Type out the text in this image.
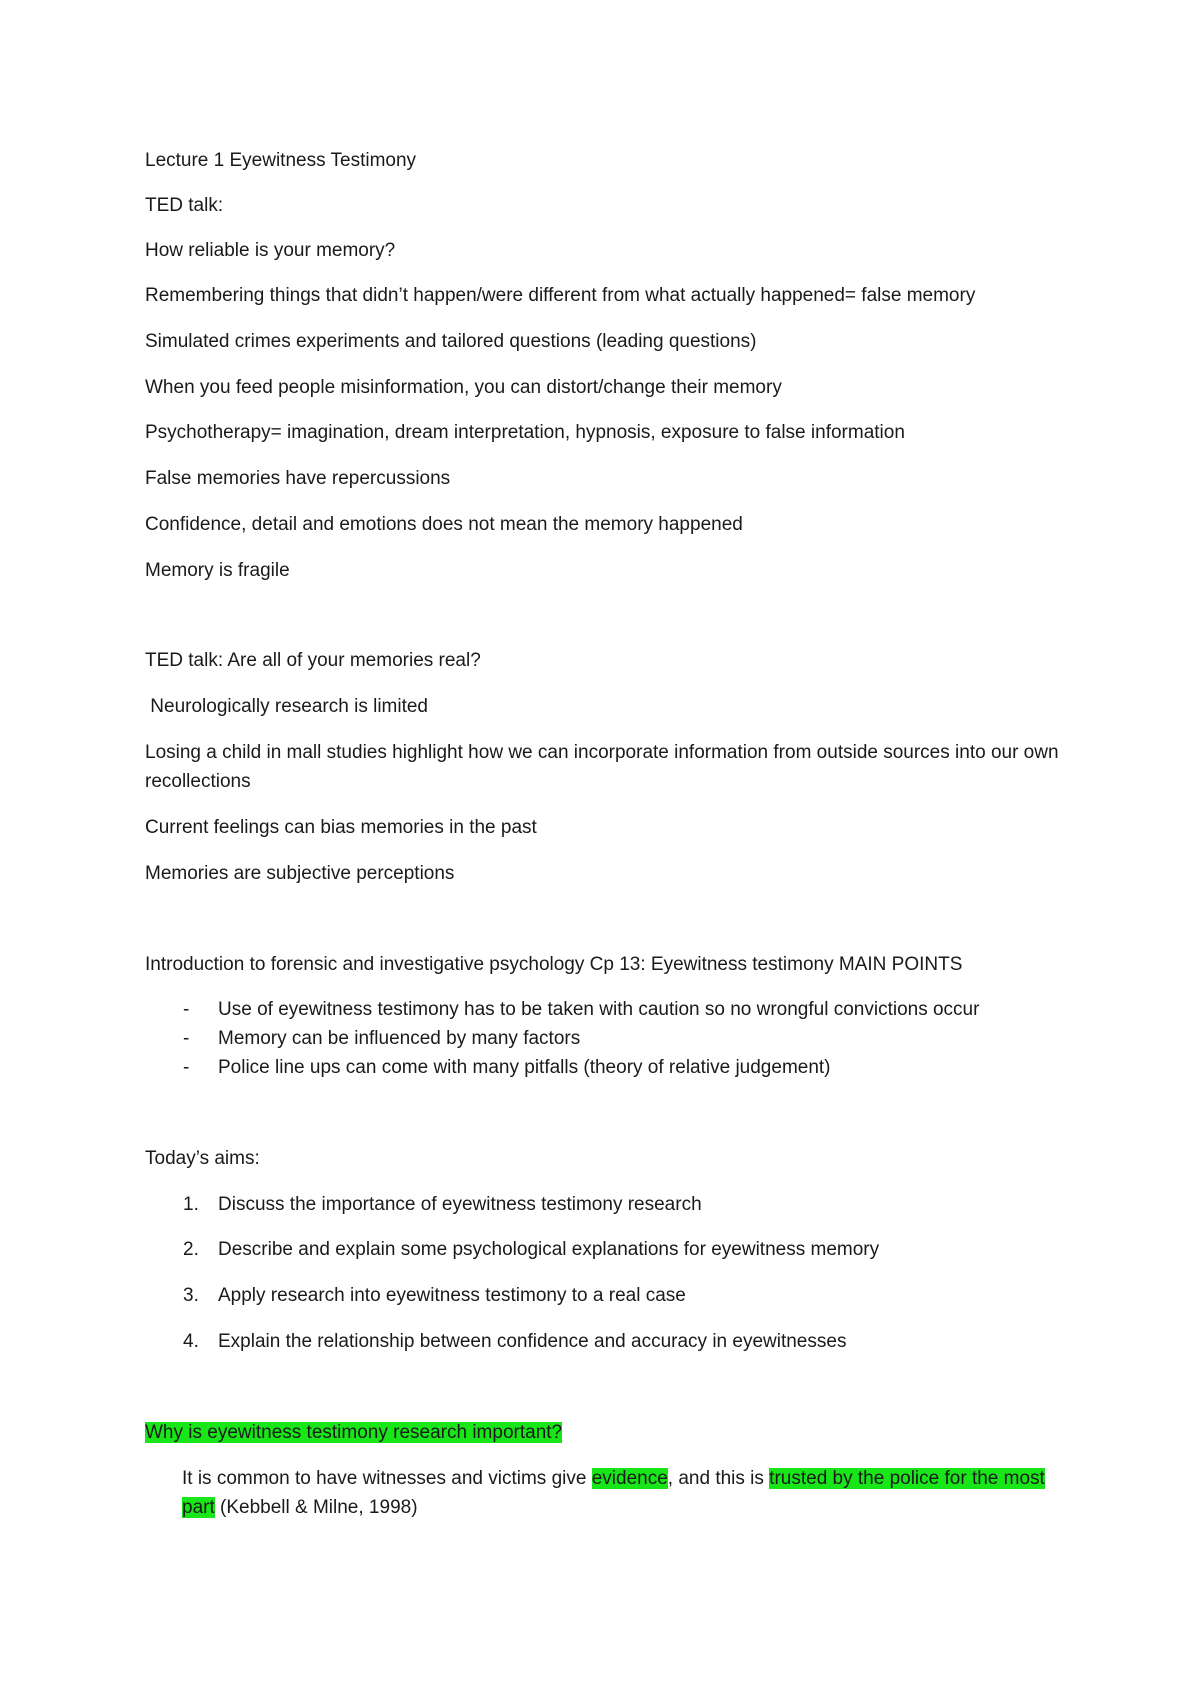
Lecture 1 Eyewitness Testimony
TED talk:
How reliable is your memory?
Remembering things that didn’t happen/were different from what actually happened= false memory
Simulated crimes experiments and tailored questions (leading questions)
When you feed people misinformation, you can distort/change their memory
Psychotherapy= imagination, dream interpretation, hypnosis, exposure to false information
False memories have repercussions
Confidence, detail and emotions does not mean the memory happened
Memory is fragile
TED talk: Are all of your memories real?
Neurologically research is limited
Losing a child in mall studies highlight how we can incorporate information from outside sources into our own recollections
Current feelings can bias memories in the past
Memories are subjective perceptions
Introduction to forensic and investigative psychology Cp 13: Eyewitness testimony MAIN POINTS
-	Use of eyewitness testimony has to be taken with caution so no wrongful convictions occur
-	Memory can be influenced by many factors
-	Police line ups can come with many pitfalls (theory of relative judgement)
Today’s aims:
1.	Discuss the importance of eyewitness testimony research
2.	Describe and explain some psychological explanations for eyewitness memory
3.	Apply research into eyewitness testimony to a real case
4.	Explain the relationship between confidence and accuracy in eyewitnesses
Why is eyewitness testimony research important?
It is common to have witnesses and victims give evidence, and this is trusted by the police for the most part (Kebbell & Milne, 1998)
